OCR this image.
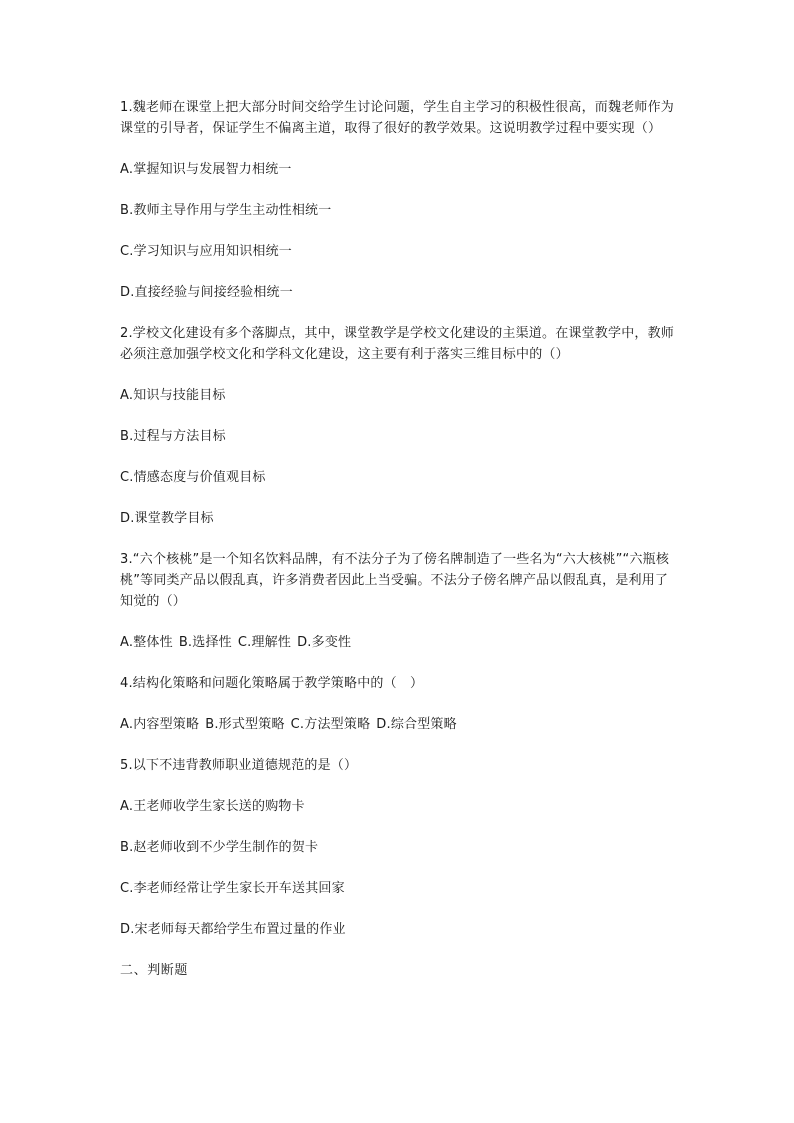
1.魏老师在课堂上把大部分时间交给学生讨论问题，学生自主学习的积极性很高，而魏老师作为课堂的引导者，保证学生不偏离主道，取得了很好的教学效果。这说明教学过程中要实现（）

A.掌握知识与发展智力相统一

B.教师主导作用与学生主动性相统一

C.学习知识与应用知识相统一

D.直接经验与间接经验相统一

2.学校文化建设有多个落脚点，其中，课堂教学是学校文化建设的主渠道。在课堂教学中，教师必须注意加强学校文化和学科文化建设，这主要有利于落实三维目标中的（）

A.知识与技能目标

B.过程与方法目标

C.情感态度与价值观目标

D.课堂教学目标

3.“六个核桃”是一个知名饮料品牌，有不法分子为了傍名牌制造了一些名为“六大核桃”“六瓶核桃”等同类产品以假乱真，许多消费者因此上当受骗。不法分子傍名牌产品以假乱真，是利用了知觉的（）

A.整体性 B.选择性 C.理解性 D.多变性

4.结构化策略和问题化策略属于教学策略中的（　）

A.内容型策略 B.形式型策略 C.方法型策略 D.综合型策略

5.以下不违背教师职业道德规范的是（）

A.王老师收学生家长送的购物卡

B.赵老师收到不少学生制作的贺卡

C.李老师经常让学生家长开车送其回家

D.宋老师每天都给学生布置过量的作业

二、判断题
